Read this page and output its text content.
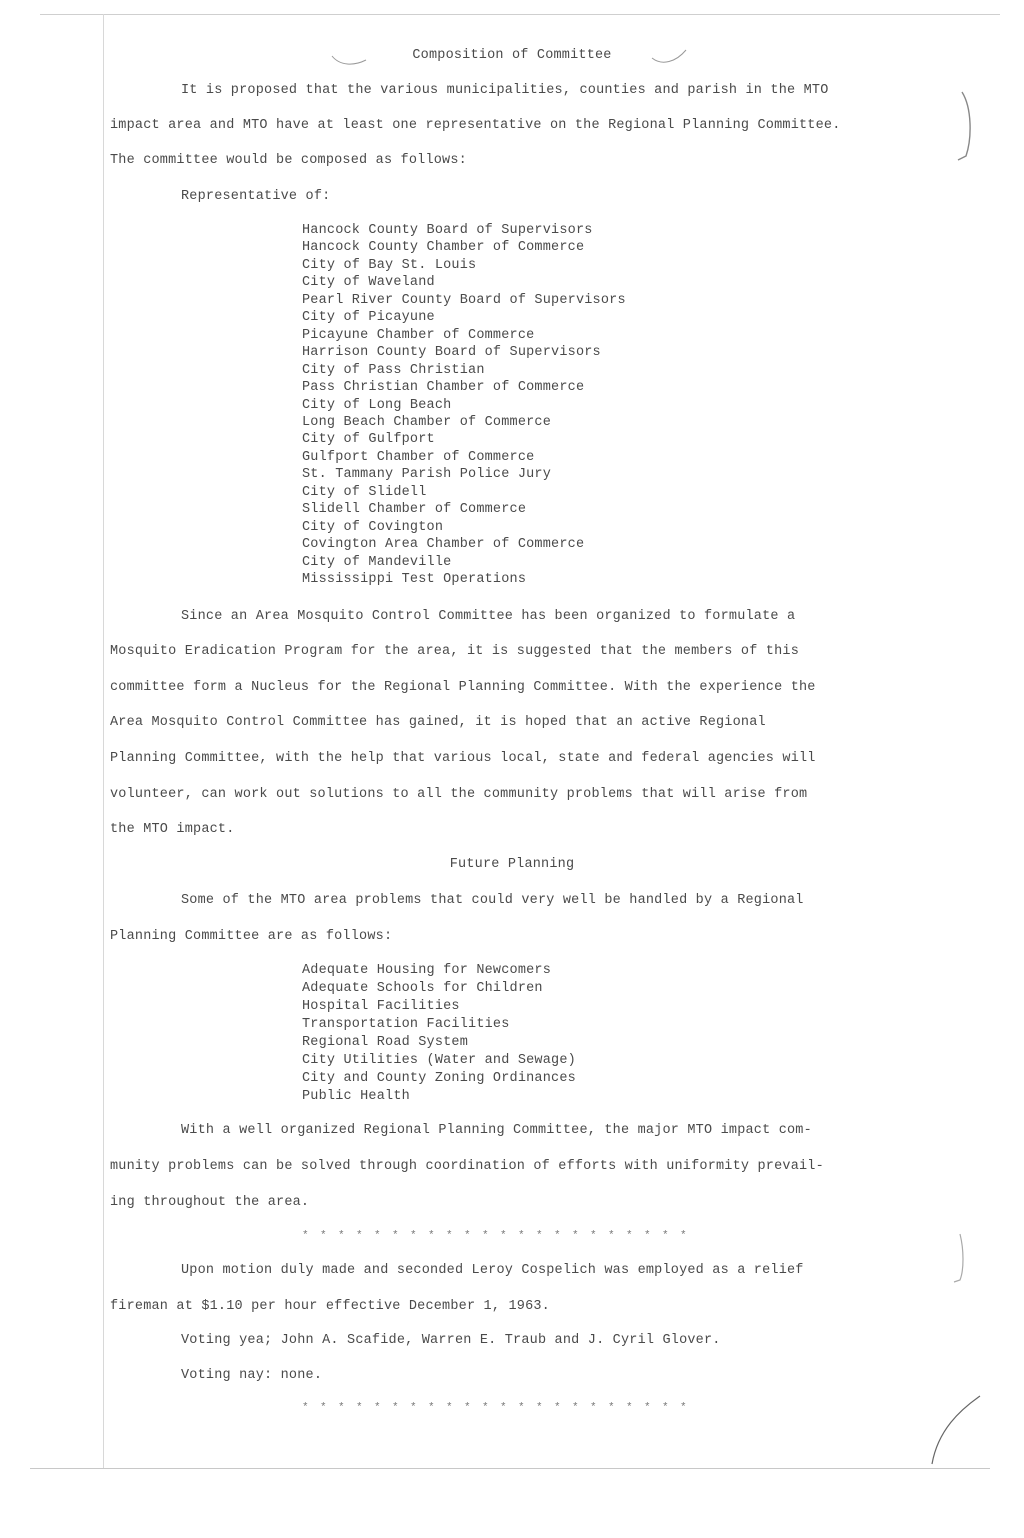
Composition of Committee
It is proposed that the various municipalities, counties and parish in the MTO
impact area and MTO have at least one representative on the Regional Planning Committee.
The committee would be composed as follows:
Representative of:
Hancock County Board of Supervisors
Hancock County Chamber of Commerce
City of Bay St. Louis
City of Waveland
Pearl River County Board of Supervisors
City of Picayune
Picayune Chamber of Commerce
Harrison County Board of Supervisors
City of Pass Christian
Pass Christian Chamber of Commerce
City of Long Beach
Long Beach Chamber of Commerce
City of Gulfport
Gulfport Chamber of Commerce
St. Tammany Parish Police Jury
City of Slidell
Slidell Chamber of Commerce
City of Covington
Covington Area Chamber of Commerce
City of Mandeville
Mississippi Test Operations
Since an Area Mosquito Control Committee has been organized to formulate a
Mosquito Eradication Program for the area, it is suggested that the members of this
committee form a Nucleus for the Regional Planning Committee. With the experience the
Area Mosquito Control Committee has gained, it is hoped that an active Regional
Planning Committee, with the help that various local, state and federal agencies will
volunteer, can work out solutions to all the community problems that will arise from
the MTO impact.
Future Planning
Some of the MTO area problems that could very well be handled by a Regional
Planning Committee are as follows:
Adequate Housing for Newcomers
Adequate Schools for Children
Hospital Facilities
Transportation Facilities
Regional Road System
City Utilities (Water and Sewage)
City and County Zoning Ordinances
Public Health
With a well organized Regional Planning Committee, the major MTO impact com-
munity problems can be solved through coordination of efforts with uniformity prevail-
ing throughout the area.
* * * * * * * * * * * * * * * * * * * * * *
Upon motion duly made and seconded Leroy Cospelich was employed as a relief
fireman at $1.10 per hour effective December 1, 1963.
Voting yea; John A. Scafide, Warren E. Traub and J. Cyril Glover.
Voting nay: none.
* * * * * * * * * * * * * * * * * * * * * *
